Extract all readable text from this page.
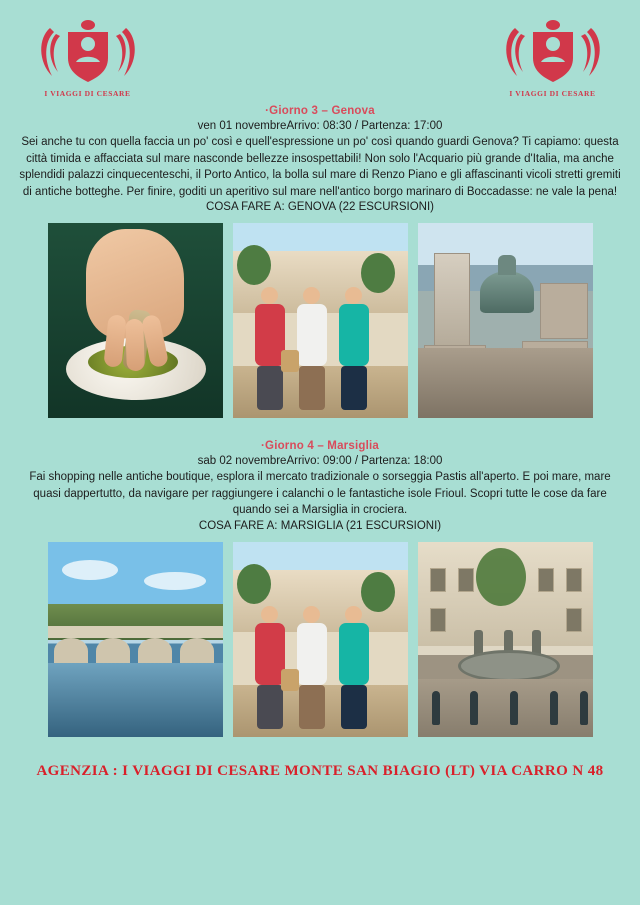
I VIAGGI DI CESARE	I VIAGGI DI CESARE
·Giorno 3 – Genova
ven 01 novembreArrivo: 08:30 / Partenza: 17:00
Sei anche tu con quella faccia un po' così e quell'espressione un po' così quando guardi Genova? Ti capiamo: questa città timida e affacciata sul mare nasconde bellezze insospettabili! Non solo l'Acquario più grande d'Italia, ma anche splendidi palazzi cinquecenteschi, il Porto Antico, la bolla sul mare di Renzo Piano e gli affascinanti vicoli stretti gremiti di antiche botteghe. Per finire, goditi un aperitivo sul mare nell'antico borgo marinaro di Boccadasse: ne vale la pena!
COSA FARE A: GENOVA (22 ESCURSIONI)
·Giorno 4 – Marsiglia
sab 02 novembreArrivo: 09:00 / Partenza: 18:00
Fai shopping nelle antiche boutique, esplora il mercato tradizionale o sorseggia Pastis all'aperto. E poi mare, mare quasi dappertutto, da navigare per raggiungere i calanchi o le fantastiche isole Frioul. Scopri tutte le cose da fare quando sei a Marsiglia in crociera.
COSA FARE A: MARSIGLIA (21 ESCURSIONI)
AGENZIA : I VIAGGI DI CESARE MONTE SAN BIAGIO (LT) VIA CARRO N 48
